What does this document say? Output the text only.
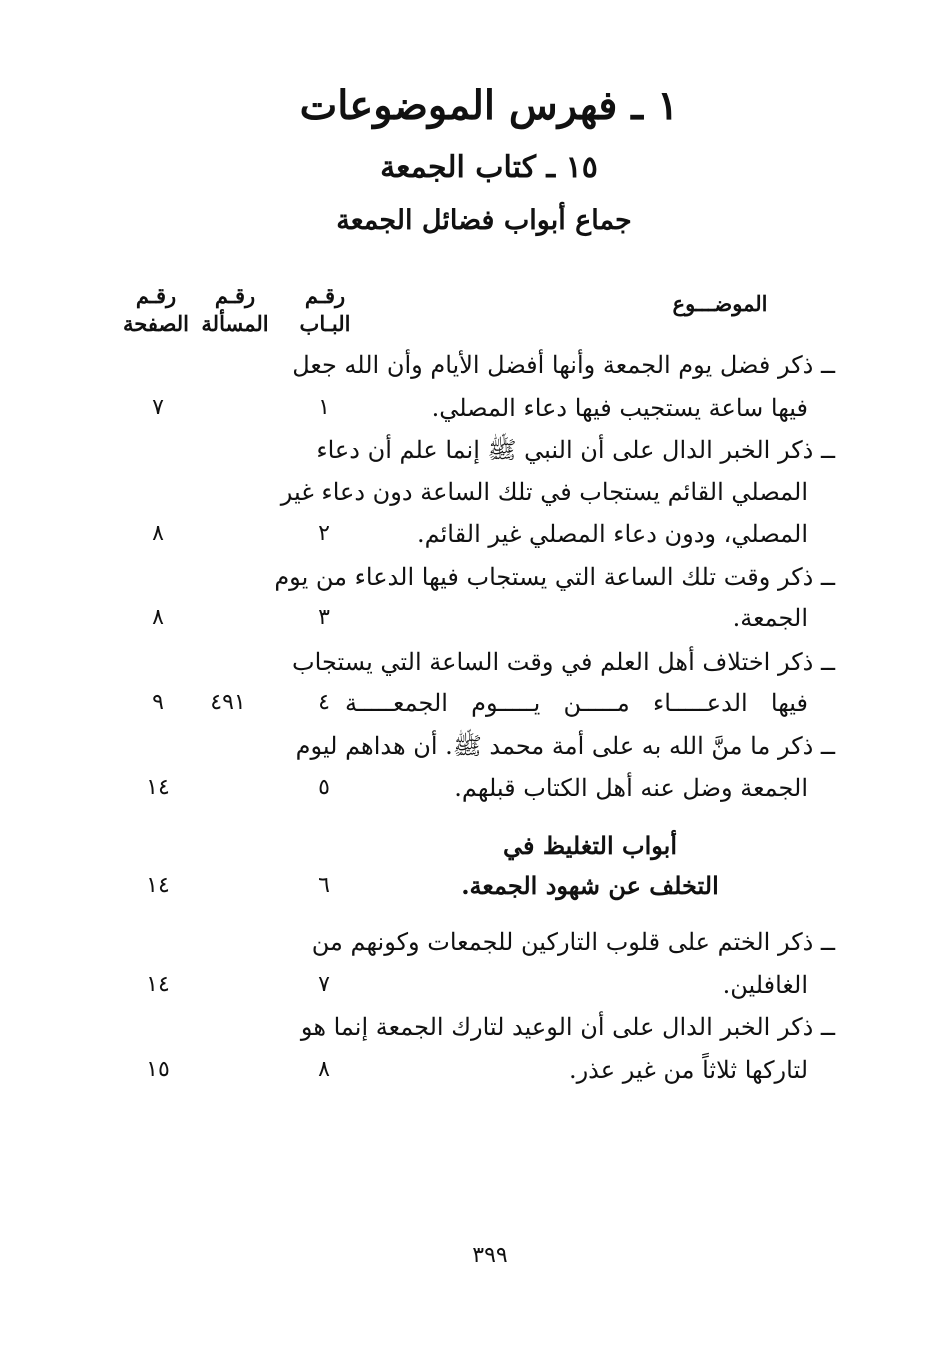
١ ـ فهرس الموضوعات
١٥ ـ كتاب الجمعة
جماع أبواب فضائل الجمعة
الموضـــوع
رقـم
البـاب
رقـم
المسألة
رقـم
الصفحة
ــ ذكر فضل يوم الجمعة وأنها أفضل الأيام وأن الله جعل
فيها ساعة يستجيب فيها دعاء المصلي.
١
٧
ــ ذكر الخبر الدال على أن النبي ﷺ إنما علم أن دعاء
المصلي القائم يستجاب في تلك الساعة دون دعاء غير
المصلي، ودون دعاء المصلي غير القائم.
٢
٨
ــ ذكر وقت تلك الساعة التي يستجاب فيها الدعاء من يوم
الجمعة.
٣
٨
ــ ذكر اختلاف أهل العلم في وقت الساعة التي يستجاب
فيها الدعـــــاء مـــــن يـــــوم الجمعـــــة
٤
٤٩١
٩
ــ ذكر ما منَّ الله به على أمة محمد ﷺ. أن هداهم ليوم
الجمعة وضل عنه أهل الكتاب قبلهم.
٥
١٤
أبواب التغليظ في
التخلف عن شهود الجمعة.
٦
١٤
ــ ذكر الختم على قلوب التاركين للجمعات وكونهم من
الغافلين.
٧
١٤
ــ ذكر الخبر الدال على أن الوعيد لتارك الجمعة إنما هو
لتاركها ثلاثاً من غير عذر.
٨
١٥
٣٩٩
